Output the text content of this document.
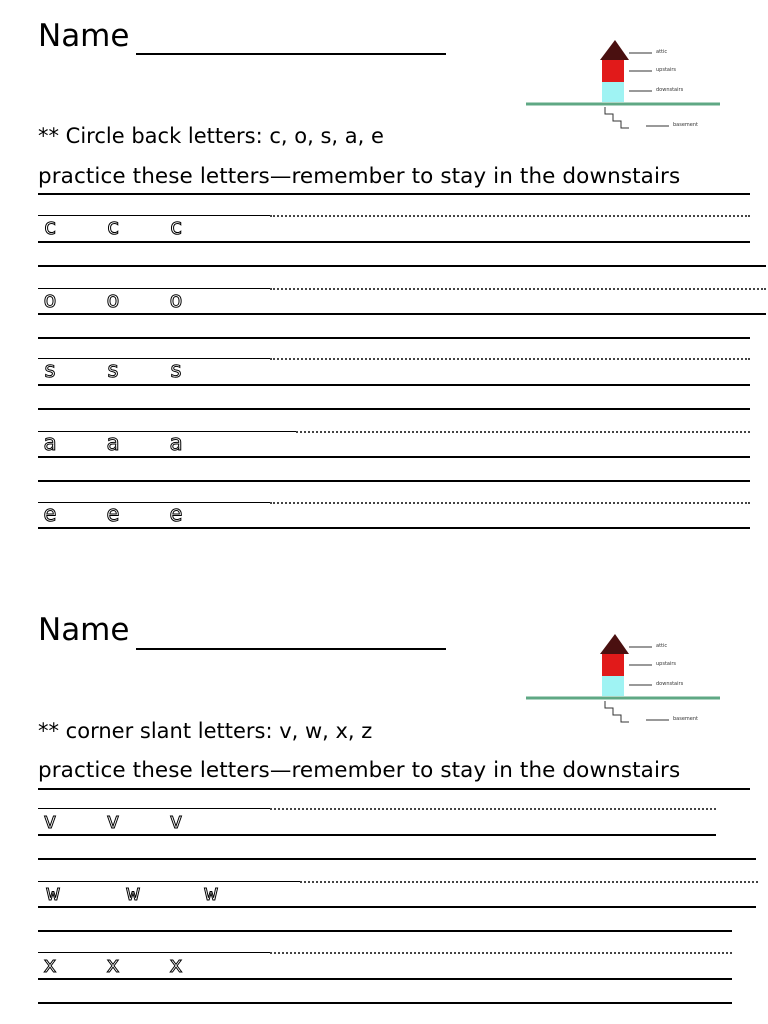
Name	attic
upstairs
downstairs
basement
** Circle back letters: c, o, s, a, e
practice these letters—remember to stay in the downstairs
c c c
o o o
s s s
a a a
e e e
Name	attic
upstairs
downstairs
basement
** corner slant letters: v, w, x, z
practice these letters—remember to stay in the downstairs
v v v
w	w	w
x x x
